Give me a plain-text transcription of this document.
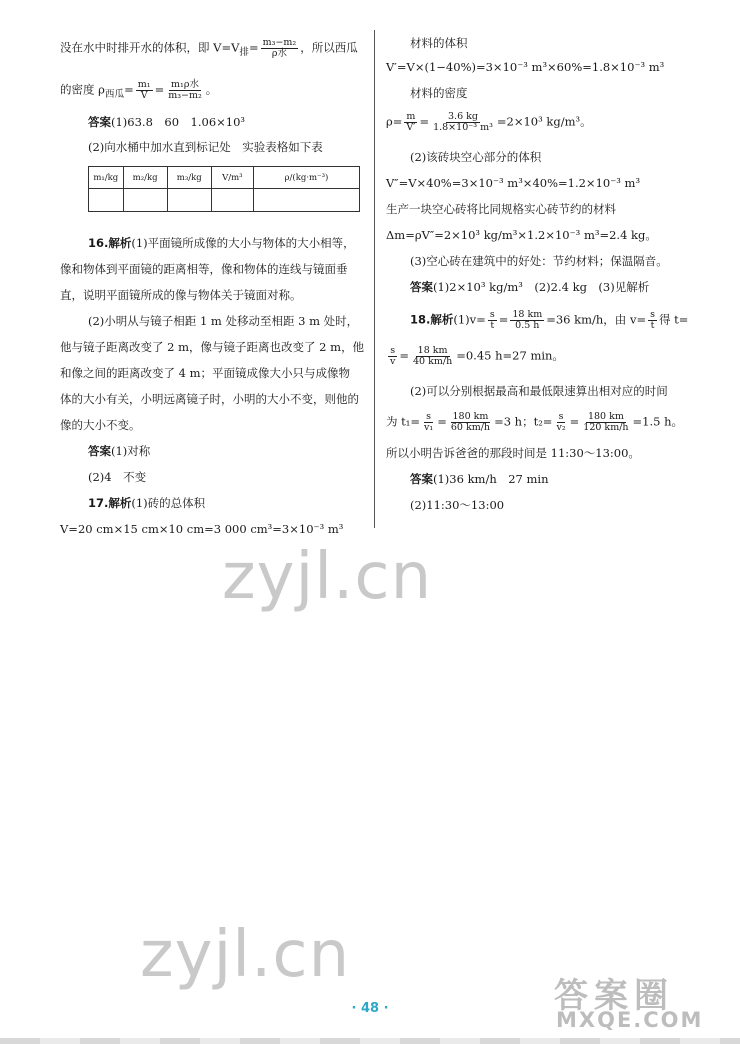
没在水中时排开水的体积，即 $V=V_排= \frac{\text{m₃−m₂}}{\text{ρ水}}$ ，所以西瓜
的密度 $\rho_{西瓜}= \frac{\text{m₁}}{V} = \frac{\text{m₁ρ水}}{\text{m₃−m₂}}$ 。
答案(1)63.8　60　1.06×10³
(2)向水桶中加水直到标记处　实验表格如下表
m₁/kg	m₂/kg	m₃/kg	V/m³	ρ/(kg·m⁻³)

16.解析(1)平面镜所成像的大小与物体的大小相等，
像和物体到平面镜的距离相等，像和物体的连线与镜面垂
直，说明平面镜所成的像与物体关于镜面对称。
(2)小明从与镜子相距 1 m 处移动至相距 3 m 处时，
他与镜子距离改变了 2 m，像与镜子距离也改变了 2 m，他
和像之间的距离改变了 4 m；平面镜成像大小只与成像物
体的大小有关，小明远离镜子时，小明的大小不变，则他的
像的大小不变。
答案(1)对称
(2)4　不变
17.解析(1)砖的总体积
V=20 cm×15 cm×10 cm=3 000 cm³=3×10⁻³ m³
材料的体积
V′=V×(1−40%)=3×10⁻³ m³×60%=1.8×10⁻³ m³
材料的密度
$\rho= \frac{m}{V'} = \frac{3.6 kg}{\text{1.8×10⁻³ m³}} =2\times 10^3$ kg/m³。
(2)该砖块空心部分的体积
V″=V×40%=3×10⁻³ m³×40%=1.2×10⁻³ m³
生产一块空心砖将比同规格实心砖节约的材料
Δm=ρV″=2×10³ kg/m³×1.2×10⁻³ m³=2.4 kg。
(3)空心砖在建筑中的好处：节约材料；保温隔音。
答案(1)2×10³ kg/m³　(2)2.4 kg　(3)见解析
18.解析$(1)v= \frac{s}{t} = \frac{18 km}{0.5 h} =36$ km/h，由 $v= \frac{s}{t}$ 得 t=
$\frac{s}{v} = \frac{18 km}{40 km/h} =0.45$ h=27 min。
(2)可以分别根据最高和最低限速算出相对应的时间
为 $t_1= \frac{s}{\text{v₁}} = \frac{180 km}{60 km/h} =3$ h；$t_2= \frac{s}{\text{v₂}} = \frac{180 km}{120 km/h} =1.5$ h。
所以小明告诉爸爸的那段时间是 11:30～13:00。
答案(1)36 km/h　27 min
(2)11:30～13:00
zyjl.cn
zyjl.cn
· 48 ·	答案圈
MXQE.COM
